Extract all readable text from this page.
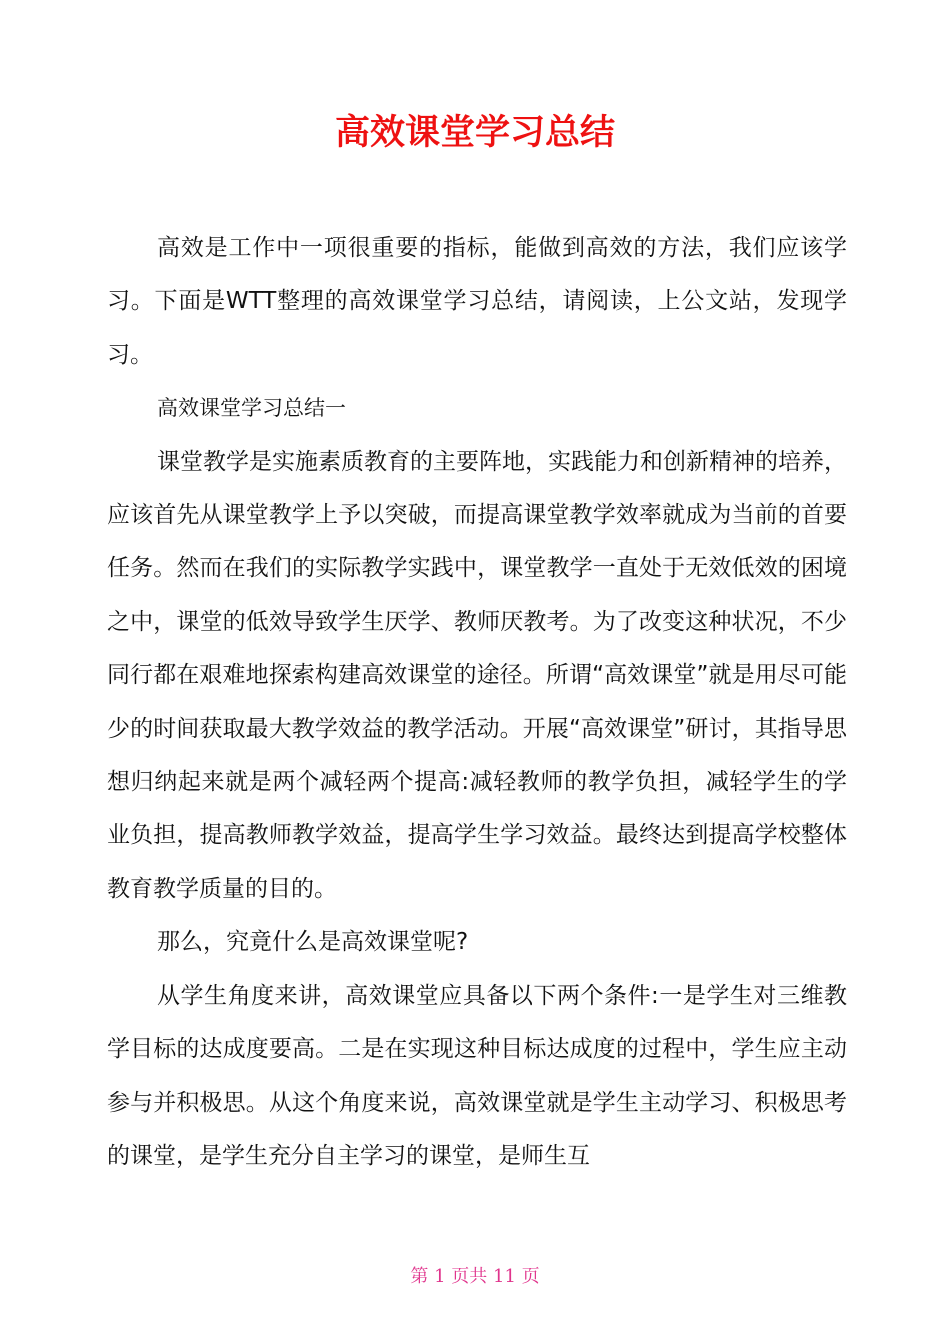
高效课堂学习总结

高效是工作中一项很重要的指标，能做到高效的方法，我们应该学习。下面是WTT整理的高效课堂学习总结，请阅读，上公文站，发现学习。

高效课堂学习总结一

课堂教学是实施素质教育的主要阵地，实践能力和创新精神的培养，应该首先从课堂教学上予以突破，而提高课堂教学效率就成为当前的首要任务。然而在我们的实际教学实践中，课堂教学一直处于无效低效的困境之中，课堂的低效导致学生厌学、教师厌教考。为了改变这种状况，不少同行都在艰难地探索构建高效课堂的途径。所谓“高效课堂”就是用尽可能少的时间获取最大教学效益的教学活动。开展“高效课堂”研讨，其指导思想归纳起来就是两个减轻两个提高:减轻教师的教学负担，减轻学生的学业负担，提高教师教学效益，提高学生学习效益。最终达到提高学校整体教育教学质量的目的。

那么，究竟什么是高效课堂呢?

从学生角度来讲，高效课堂应具备以下两个条件:一是学生对三维教学目标的达成度要高。二是在实现这种目标达成度的过程中，学生应主动参与并积极思。从这个角度来说，高效课堂就是学生主动学习、积极思考的课堂，是学生充分自主学习的课堂，是师生互

第 1 页共 11 页
